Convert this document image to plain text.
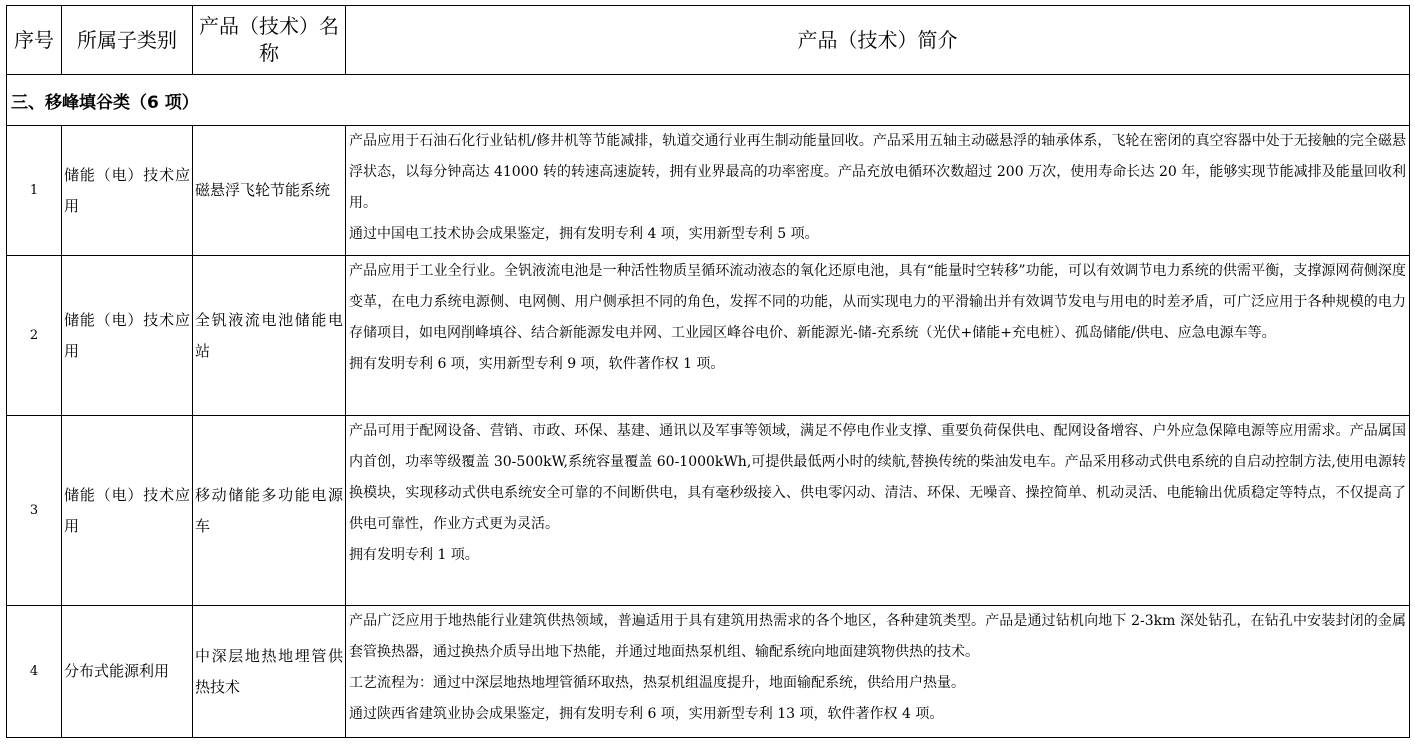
序号	所属子类别	产品（技术）名称	产品（技术）简介
三、移峰填谷类（6 项）			
1	储能（电）技术应用	磁悬浮飞轮节能系统	产品应用于石油石化行业钻机/修井机等节能减排，轨道交通行业再生制动能量回收。产品采用五轴主动磁悬浮的轴承体系，飞轮在密闭的真空容器中处于无接触的完全磁悬浮状态，以每分钟高达 41000 转的转速高速旋转，拥有业界最高的功率密度。产品充放电循环次数超过 200 万次，使用寿命长达 20 年，能够实现节能减排及能量回收利用。

通过中国电工技术协会成果鉴定，拥有发明专利 4 项，实用新型专利 5 项。

2	储能（电）技术应用	全钒液流电池储能电站	产品应用于工业全行业。全钒液流电池是一种活性物质呈循环流动液态的氧化还原电池，具有“能量时空转移”功能，可以有效调节电力系统的供需平衡，支撑源网荷侧深度变革，在电力系统电源侧、电网侧、用户侧承担不同的角色，发挥不同的功能，从而实现电力的平滑输出并有效调节发电与用电的时差矛盾，可广泛应用于各种规模的电力存储项目，如电网削峰填谷、结合新能源发电并网、工业园区峰谷电价、新能源光-储-充系统（光伏+储能+充电桩）、孤岛储能/供电、应急电源车等。

拥有发明专利 6 项，实用新型专利 9 项，软件著作权 1 项。

3	储能（电）技术应用	移动储能多功能电源车	产品可用于配网设备、营销、市政、环保、基建、通讯以及军事等领域，满足不停电作业支撑、重要负荷保供电、配网设备增容、户外应急保障电源等应用需求。产品属国内首创，功率等级覆盖 30-500kW,系统容量覆盖 60-1000kWh,可提供最低两小时的续航,替换传统的柴油发电车。产品采用移动式供电系统的自启动控制方法,使用电源转换模块，实现移动式供电系统安全可靠的不间断供电，具有毫秒级接入、供电零闪动、清洁、环保、无噪音、操控简单、机动灵活、电能输出优质稳定等特点，不仅提高了供电可靠性，作业方式更为灵活。

拥有发明专利 1 项。

4	分布式能源利用	中深层地热地埋管供热技术	产品广泛应用于地热能行业建筑供热领域，普遍适用于具有建筑用热需求的各个地区，各种建筑类型。产品是通过钻机向地下 2-3km 深处钻孔，在钻孔中安装封闭的金属套管换热器，通过换热介质导出地下热能，并通过地面热泵机组、输配系统向地面建筑物供热的技术。

工艺流程为：通过中深层地热地埋管循环取热，热泵机组温度提升，地面输配系统，供给用户热量。

通过陕西省建筑业协会成果鉴定，拥有发明专利 6 项，实用新型专利 13 项，软件著作权 4 项。
